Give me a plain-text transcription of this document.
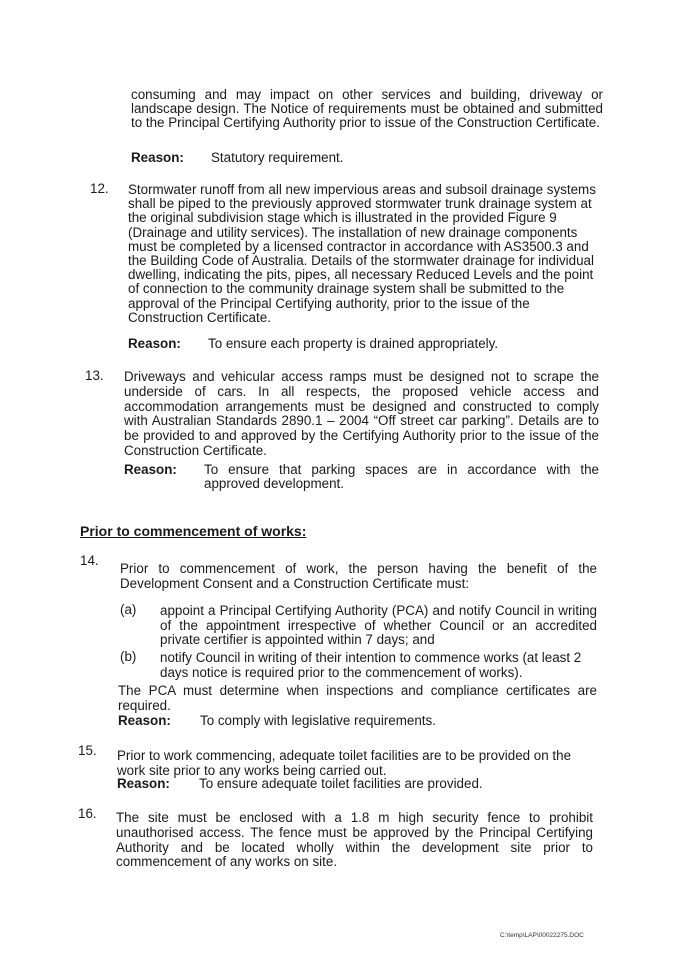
consuming and may impact on other services and building, driveway or landscape design. The Notice of requirements must be obtained and submitted to the Principal Certifying Authority prior to issue of the Construction Certificate.
Reason: Statutory requirement.
12. Stormwater runoff from all new impervious areas and subsoil drainage systems shall be piped to the previously approved stormwater trunk drainage system at the original subdivision stage which is illustrated in the provided Figure 9 (Drainage and utility services). The installation of new drainage components must be completed by a licensed contractor in accordance with AS3500.3 and the Building Code of Australia. Details of the stormwater drainage for individual dwelling, indicating the pits, pipes, all necessary Reduced Levels and the point of connection to the community drainage system shall be submitted to the approval of the Principal Certifying authority, prior to the issue of the Construction Certificate.
Reason: To ensure each property is drained appropriately.
13. Driveways and vehicular access ramps must be designed not to scrape the underside of cars. In all respects, the proposed vehicle access and accommodation arrangements must be designed and constructed to comply with Australian Standards 2890.1 – 2004 “Off street car parking”. Details are to be provided to and approved by the Certifying Authority prior to the issue of the Construction Certificate.
Reason:	To ensure that parking spaces are in accordance with the approved development.
Prior to commencement of works:
14.
Prior to commencement of work, the person having the benefit of the Development Consent and a Construction Certificate must:
(a) appoint a Principal Certifying Authority (PCA) and notify Council in writing of the appointment irrespective of whether Council or an accredited private certifier is appointed within 7 days; and
(b) notify Council in writing of their intention to commence works (at least 2 days notice is required prior to the commencement of works).
The PCA must determine when inspections and compliance certificates are required.
Reason: To comply with legislative requirements.
15. Prior to work commencing, adequate toilet facilities are to be provided on the work site prior to any works being carried out.
Reason: To ensure adequate toilet facilities are provided.
16. The site must be enclosed with a 1.8 m high security fence to prohibit unauthorised access. The fence must be approved by the Principal Certifying Authority and be located wholly within the development site prior to commencement of any works on site.
C:\temp\LAP\00022275.DOC
